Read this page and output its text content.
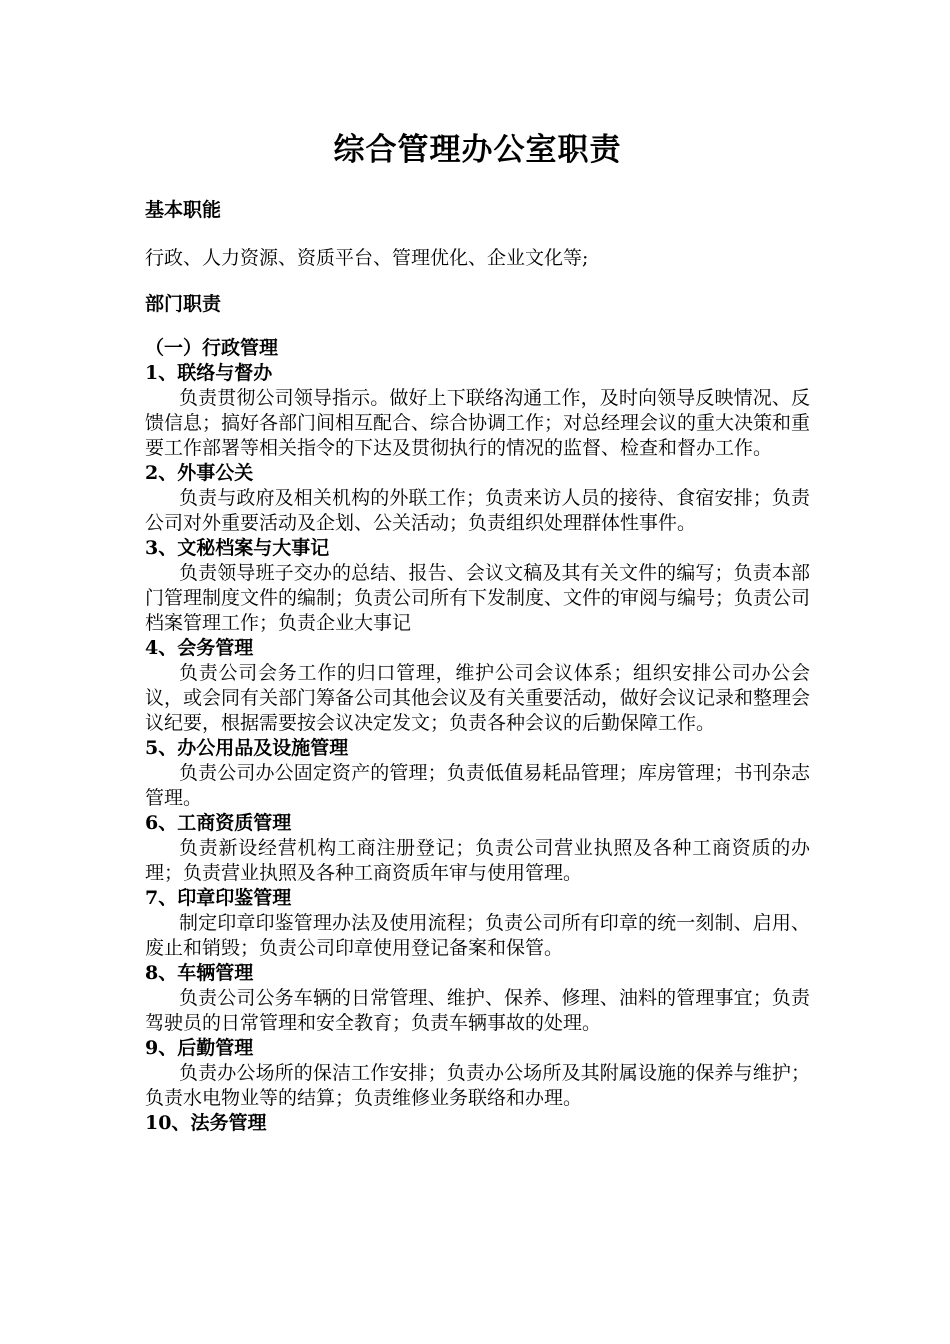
综合管理办公室职责
基本职能
行政、人力资源、资质平台、管理优化、企业文化等;
部门职责

（一）行政管理

1、联络与督办

负责贯彻公司领导指示。做好上下联络沟通工作，及时向领导反映情况、反馈信息；搞好各部门间相互配合、综合协调工作；对总经理会议的重大决策和重要工作部署等相关指令的下达及贯彻执行的情况的监督、检查和督办工作。

2、外事公关

负责与政府及相关机构的外联工作；负责来访人员的接待、食宿安排；负责公司对外重要活动及企划、公关活动；负责组织处理群体性事件。

3、文秘档案与大事记

负责领导班子交办的总结、报告、会议文稿及其有关文件的编写；负责本部门管理制度文件的编制；负责公司所有下发制度、文件的审阅与编号；负责公司档案管理工作；负责企业大事记

4、会务管理

负责公司会务工作的归口管理，维护公司会议体系；组织安排公司办公会议，或会同有关部门筹备公司其他会议及有关重要活动，做好会议记录和整理会议纪要，根据需要按会议决定发文；负责各种会议的后勤保障工作。

5、办公用品及设施管理

负责公司办公固定资产的管理；负责低值易耗品管理；库房管理；书刊杂志管理。

6、工商资质管理

负责新设经营机构工商注册登记；负责公司营业执照及各种工商资质的办理；负责营业执照及各种工商资质年审与使用管理。

7、印章印鉴管理

制定印章印鉴管理办法及使用流程；负责公司所有印章的统一刻制、启用、废止和销毁；负责公司印章使用登记备案和保管。

8、车辆管理

负责公司公务车辆的日常管理、维护、保养、修理、油料的管理事宜；负责驾驶员的日常管理和安全教育；负责车辆事故的处理。

9、后勤管理

负责办公场所的保洁工作安排；负责办公场所及其附属设施的保养与维护；负责水电物业等的结算；负责维修业务联络和办理。

10、法务管理
